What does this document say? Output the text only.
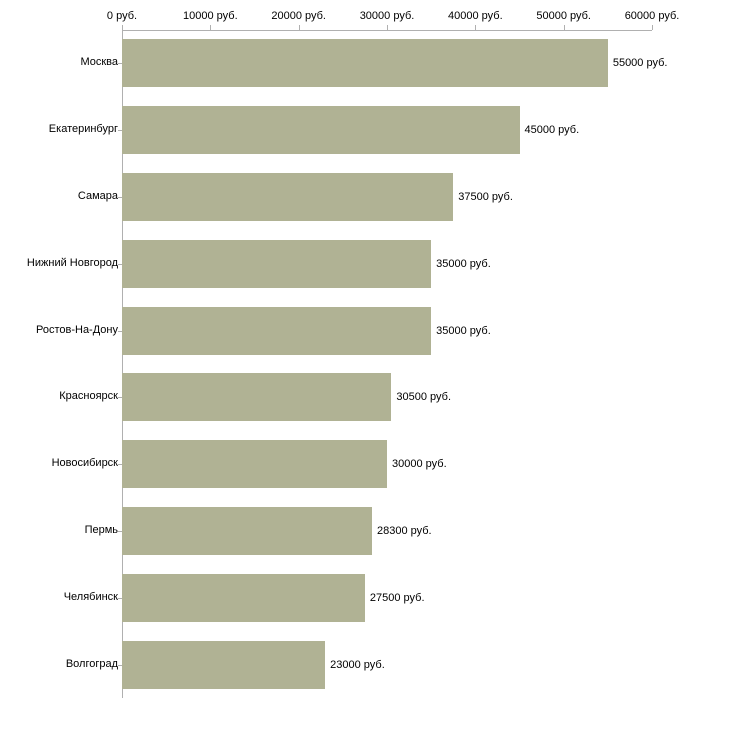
0 руб.	10000 руб.	20000 руб.	30000 руб.	40000 руб.	50000 руб.	60000 руб.
55000 руб.
45000 руб.
37500 руб.
35000 руб.
35000 руб.
30500 руб.
30000 руб.
28300 руб.
27500 руб.
23000 руб.
Москва
Екатеринбург
Самара
Нижний Новгород
Ростов-На-Дону
Красноярск
Новосибирск
Пермь
Челябинск
Волгоград
